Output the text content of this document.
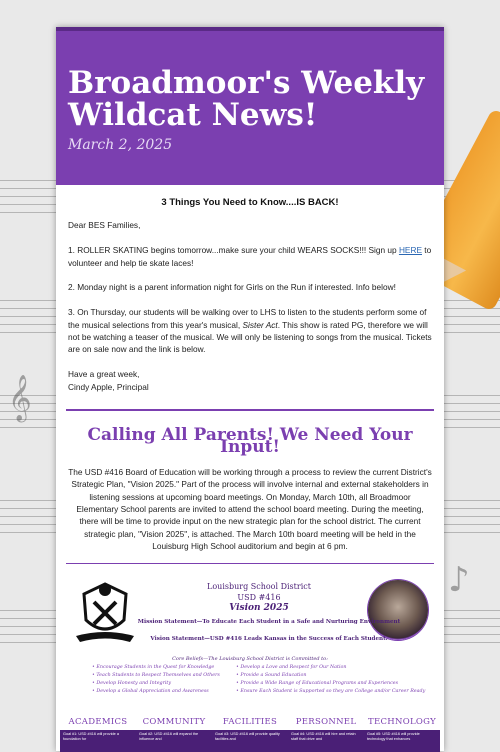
𝄞
♪
Broadmoor's Weekly Wildcat News!
March 2, 2025
3 Things You Need to Know....IS BACK!

Dear BES Families,

1. ROLLER SKATING begins tomorrow...make sure your child WEARS SOCKS!!! Sign up HERE to volunteer and help tie skate laces!

2. Monday night is a parent information night for Girls on the Run if interested. Info below!

3. On Thursday, our students will be walking over to LHS to listen to the students perform some of the musical selections from this year's musical, Sister Act. This show is rated PG, therefore we will not be watching a teaser of the musical. We will only be listening to songs from the musical. Tickets are on sale now and the link is below.

Have a great week,
Cindy Apple, Principal
Calling All Parents! We Need Your Input!

The USD #416 Board of Education will be working through a process to review the current District's Strategic Plan, "Vision 2025." Part of the process will involve internal and external stakeholders in listening sessions at upcoming board meetings. On Monday, March 10th, all Broadmoor Elementary School parents are invited to attend the school board meeting. During the meeting, there will be time to provide input on the new strategic plan for the school district. The current strategic plan, "Vision 2025", is attached. The March 10th board meeting will be held in the Louisburg High School auditorium and begin at 6 pm.

Louisburg School District
USD #416
Vision 2025
Mission Statement—To Educate Each Student in a Safe and Nurturing Environment
Vision Statement—USD #416 Leads Kansas in the Success of Each Student.
Core Beliefs—The Louisburg School District is Committed to:
• Encourage Students in the Quest for Knowledge
• Teach Students to Respect Themselves and Others
• Develop Honesty and Integrity
• Develop a Global Appreciation and Awareness
• Develop a Love and Respect for Our Nation
• Provide a Sound Education
• Provide a Wide Range of Educational Programs and Experiences
• Ensure Each Student is Supported so they are College and/or Career Ready
ACADEMICS
Goal #1: USD #416 will provide a foundation for
COMMUNITY
Goal #2: USD #416 will expand the influence and
FACILITIES
Goal #3: USD #416 will provide quality facilities and
PERSONNEL
Goal #4: USD #416 will hire and retain staff that drive and
TECHNOLOGY
Goal #5: USD #416 will provide technology that enhances
